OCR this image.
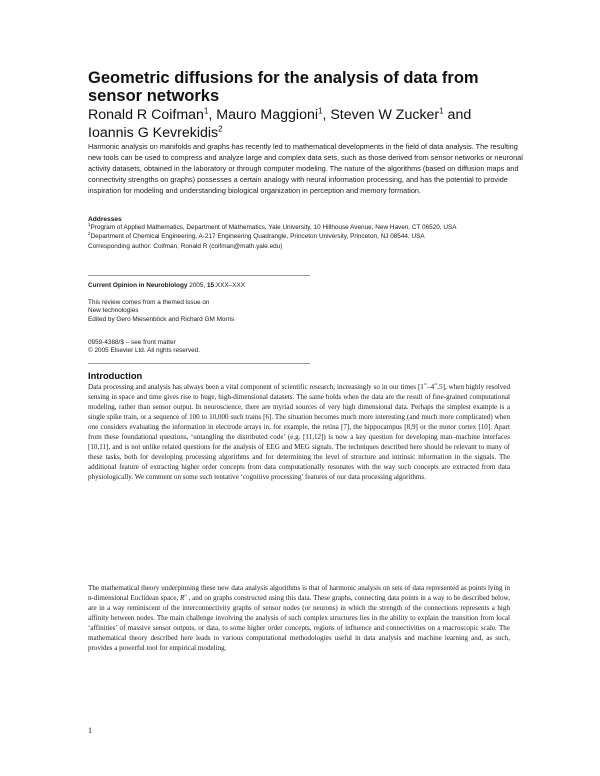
Geometric diffusions for the analysis of data from sensor networks
Ronald R Coifman$^1$, Mauro Maggioni$^1$, Steven W Zucker$^1$ and
Ioannis G Kevrekidis$^2$
Harmonic analysis on manifolds and graphs has recently led to mathematical developments in the field of data analysis. The resulting new tools can be used to compress and analyze large and complex data sets, such as those derived from sensor networks or neuronal activity datasets, obtained in the laboratory or through computer modeling. The nature of the algorithms (based on diffusion maps and connectivity strengths on graphs) possesses a certain analogy with neural information processing, and has the potential to provide inspiration for modeling and understanding biological organization in perception and memory formation.
Addresses
$^1$Program of Applied Mathematics, Department of Mathematics, Yale University, 10 Hillhouse Avenue, New Haven, CT 06520, USA
$^2$Department of Chemical Engineering, A-217 Engineering Quadrangle, Princeton University, Princeton, NJ 08544, USA
Corresponding author: Coifman, Ronald R (coifman@math.yale.edu)
Current Opinion in Neurobiology 2005, 15:XXX–XXX
This review comes from a themed issue on
New technologies
Edited by Gero Miesenböck and Richard GM Morris
0959-4388/$ – see front matter
© 2005 Elsevier Ltd. All rights reserved.
Introduction

Data processing and analysis has always been a vital component of scientific research; increasingly so in our times [1••–4••,5], when highly resolved sensing in space and time gives rise to huge, high-dimensional datasets. The same holds when the data are the result of fine-grained computational modeling, rather than sensor output. In neuroscience, there are myriad sources of very high dimensional data. Perhaps the simplest example is a single spike train, or a sequence of 100 to 10,000 such trains [6]. The situation becomes much more interesting (and much more complicated) when one considers evaluating the information in electrode arrays in, for example, the retina [7], the hippocampus [8,9] or the motor cortex [10]. Apart from these foundational questions, ‘untangling the distributed code’ (e.g. [11,12]) is now a key question for developing man–machine interfaces [10,11], and is not unlike related questions for the analysis of EEG and MEG signals. The techniques described here should be relevant to many of these tasks, both for developing processing algorithms and for determining the level of structure and intrinsic information in the signals. The additional feature of extracting higher order concepts from data computationally resonates with the way such concepts are extracted from data physiologically. We comment on some such tentative ‘cognitive processing’ features of our data processing algorithms.

The mathematical theory underpinning these new data analysis algorithms is that of harmonic analysis on sets of data represented as points lying in n-dimensional Euclidean space, $R^n$ , and on graphs constructed using this data. These graphs, connecting data points in a way to be described below, are in a way reminiscent of the interconnectivity graphs of sensor nodes (or neurons) in which the strength of the connections represents a high affinity between nodes. The main challenge involving the analysis of such complex structures lies in the ability to explain the transition from local ‘affinities’ of massive sensor outputs, or data, to some higher order concepts, regions of influence and connectivities on a macroscopic scale. The mathematical theory described here leads to various computational methodologies useful in data analysis and machine learning and, as such, provides a powerful tool for empirical modeling.

1
